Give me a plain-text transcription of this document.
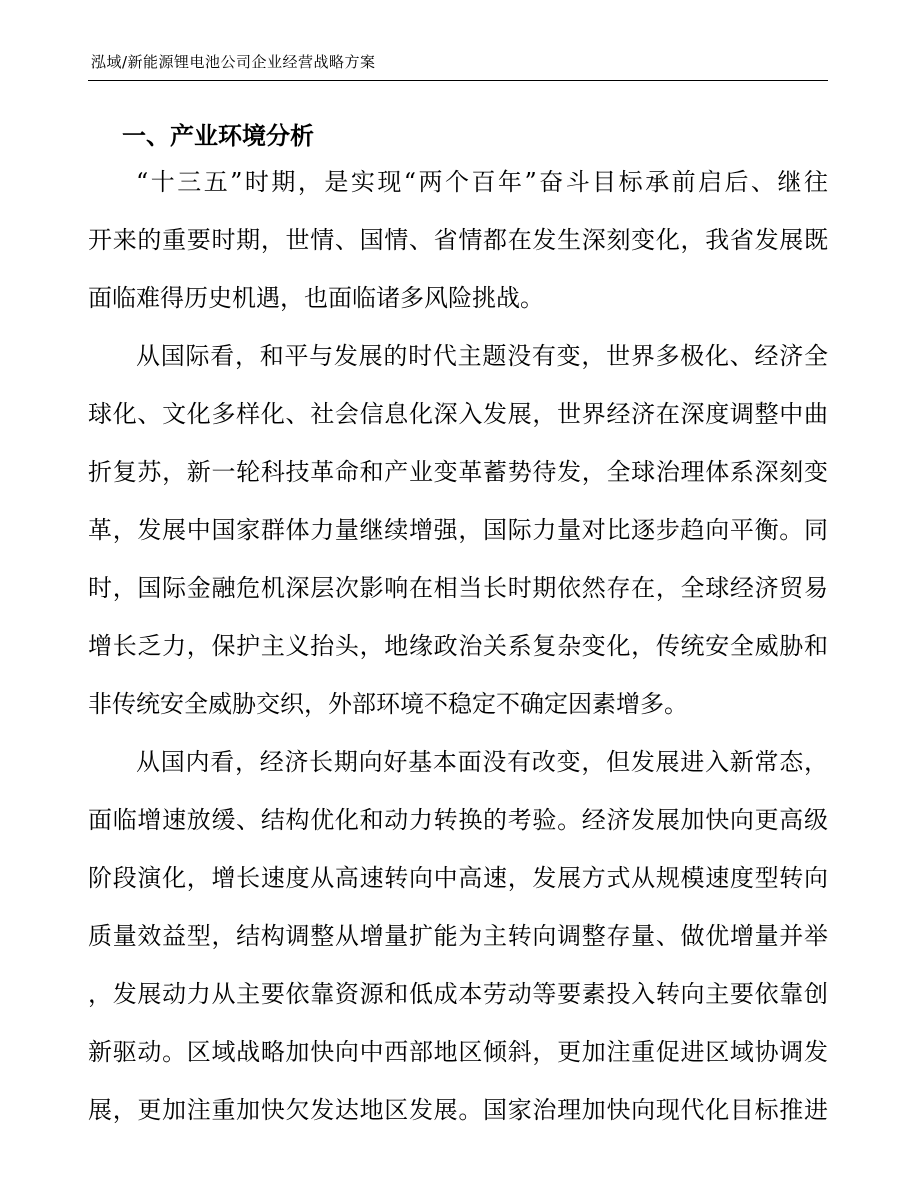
泓域/新能源锂电池公司企业经营战略方案
一、产业环境分析
“十三五”时期，是实现“两个百年”奋斗目标承前启后、继往
开来的重要时期，世情、国情、省情都在发生深刻变化，我省发展既
面临难得历史机遇，也面临诸多风险挑战。
从国际看，和平与发展的时代主题没有变，世界多极化、经济全
球化、文化多样化、社会信息化深入发展，世界经济在深度调整中曲
折复苏，新一轮科技革命和产业变革蓄势待发，全球治理体系深刻变
革，发展中国家群体力量继续增强，国际力量对比逐步趋向平衡。同
时，国际金融危机深层次影响在相当长时期依然存在，全球经济贸易
增长乏力，保护主义抬头，地缘政治关系复杂变化，传统安全威胁和
非传统安全威胁交织，外部环境不稳定不确定因素增多。
从国内看，经济长期向好基本面没有改变，但发展进入新常态，
面临增速放缓、结构优化和动力转换的考验。经济发展加快向更高级
阶段演化，增长速度从高速转向中高速，发展方式从规模速度型转向
质量效益型，结构调整从增量扩能为主转向调整存量、做优增量并举
，发展动力从主要依靠资源和低成本劳动等要素投入转向主要依靠创
新驱动。区域战略加快向中西部地区倾斜，更加注重促进区域协调发
展，更加注重加快欠发达地区发展。国家治理加快向现代化目标推进
